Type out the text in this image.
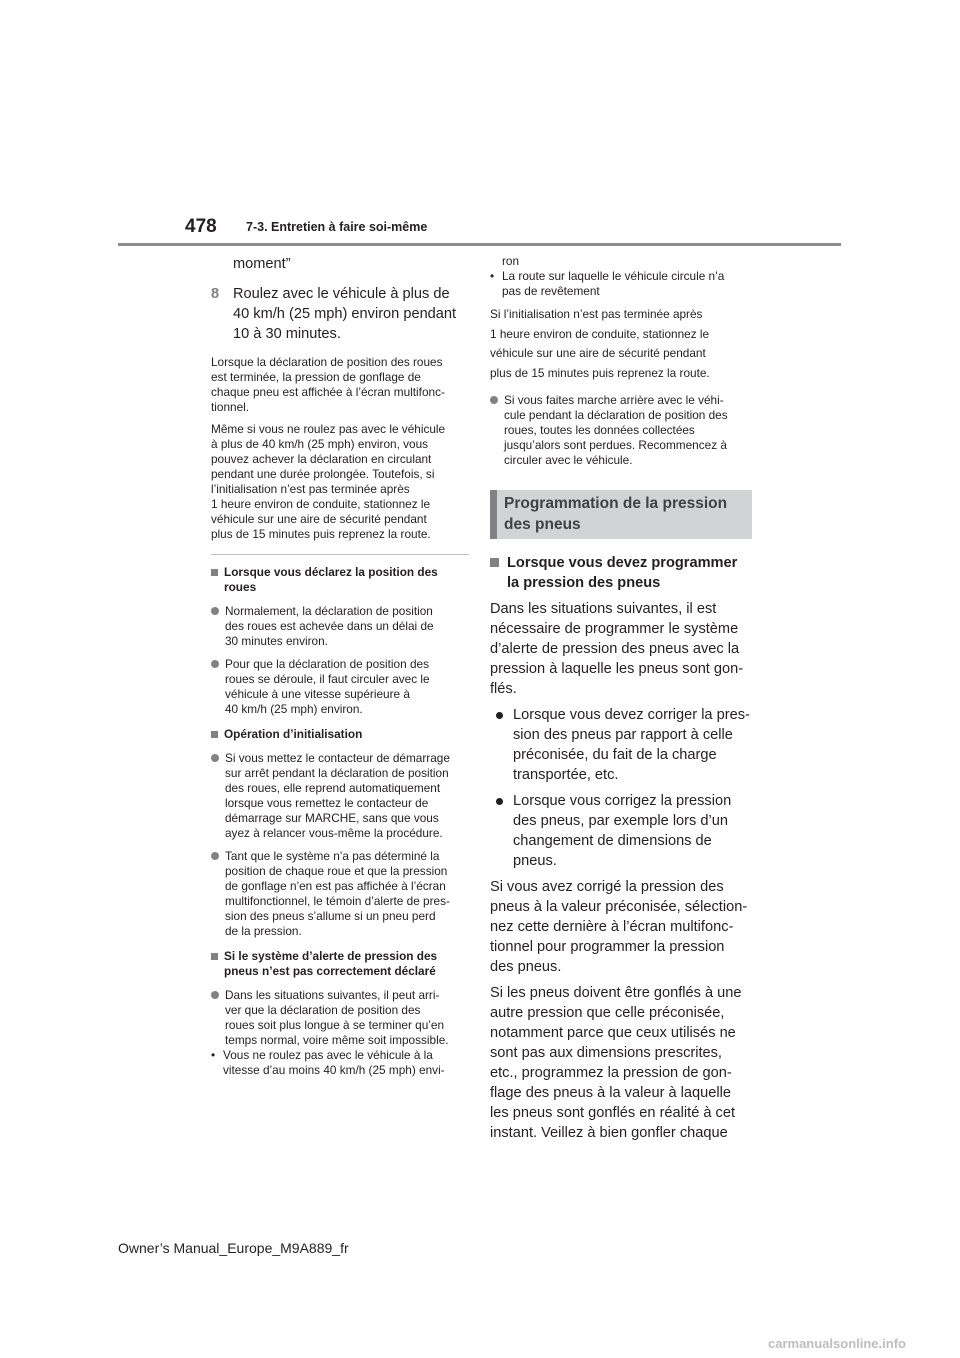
478 7-3. Entretien à faire soi-même
moment”
8 Roulez avec le véhicule à plus de
40 km/h (25 mph) environ pendant
10 à 30 minutes.
Lorsque la déclaration de position des roues
est terminée, la pression de gonflage de
chaque pneu est affichée à l’écran multifonc-
tionnel.
Même si vous ne roulez pas avec le véhicule
à plus de 40 km/h (25 mph) environ, vous
pouvez achever la déclaration en circulant
pendant une durée prolongée. Toutefois, si
l’initialisation n’est pas terminée après
1 heure environ de conduite, stationnez le
véhicule sur une aire de sécurité pendant
plus de 15 minutes puis reprenez la route.
Lorsque vous déclarez la position des
roues
Normalement, la déclaration de position
des roues est achevée dans un délai de
30 minutes environ.
Pour que la déclaration de position des
roues se déroule, il faut circuler avec le
véhicule à une vitesse supérieure à
40 km/h (25 mph) environ.
Opération d’initialisation
Si vous mettez le contacteur de démarrage
sur arrêt pendant la déclaration de position
des roues, elle reprend automatiquement
lorsque vous remettez le contacteur de
démarrage sur MARCHE, sans que vous
ayez à relancer vous-même la procédure.
Tant que le système n’a pas déterminé la
position de chaque roue et que la pression
de gonflage n’en est pas affichée à l’écran
multifonctionnel, le témoin d’alerte de pres-
sion des pneus s’allume si un pneu perd
de la pression.
Si le système d’alerte de pression des
pneus n’est pas correctement déclaré
Dans les situations suivantes, il peut arri-
ver que la déclaration de position des
roues soit plus longue à se terminer qu’en
temps normal, voire même soit impossible.
• Vous ne roulez pas avec le véhicule à la
vitesse d’au moins 40 km/h (25 mph) envi-
ron
• La route sur laquelle le véhicule circule n’a
pas de revêtement
Si l’initialisation n’est pas terminée après
1 heure environ de conduite, stationnez le
véhicule sur une aire de sécurité pendant
plus de 15 minutes puis reprenez la route.
Si vous faites marche arrière avec le véhi-
cule pendant la déclaration de position des
roues, toutes les données collectées
jusqu’alors sont perdues. Recommencez à
circuler avec le véhicule.
Programmation de la pression
des pneus
Lorsque vous devez programmer
la pression des pneus
Dans les situations suivantes, il est
nécessaire de programmer le système
d’alerte de pression des pneus avec la
pression à laquelle les pneus sont gon-
flés.
Lorsque vous devez corriger la pres-
sion des pneus par rapport à celle
préconisée, du fait de la charge
transportée, etc.
Lorsque vous corrigez la pression
des pneus, par exemple lors d’un
changement de dimensions de
pneus.
Si vous avez corrigé la pression des
pneus à la valeur préconisée, sélection-
nez cette dernière à l’écran multifonc-
tionnel pour programmer la pression
des pneus.
Si les pneus doivent être gonflés à une
autre pression que celle préconisée,
notamment parce que ceux utilisés ne
sont pas aux dimensions prescrites,
etc., programmez la pression de gon-
flage des pneus à la valeur à laquelle
les pneus sont gonflés en réalité à cet
instant. Veillez à bien gonfler chaque
Owner’s Manual_Europe_M9A889_fr
carmanualsonline.info
